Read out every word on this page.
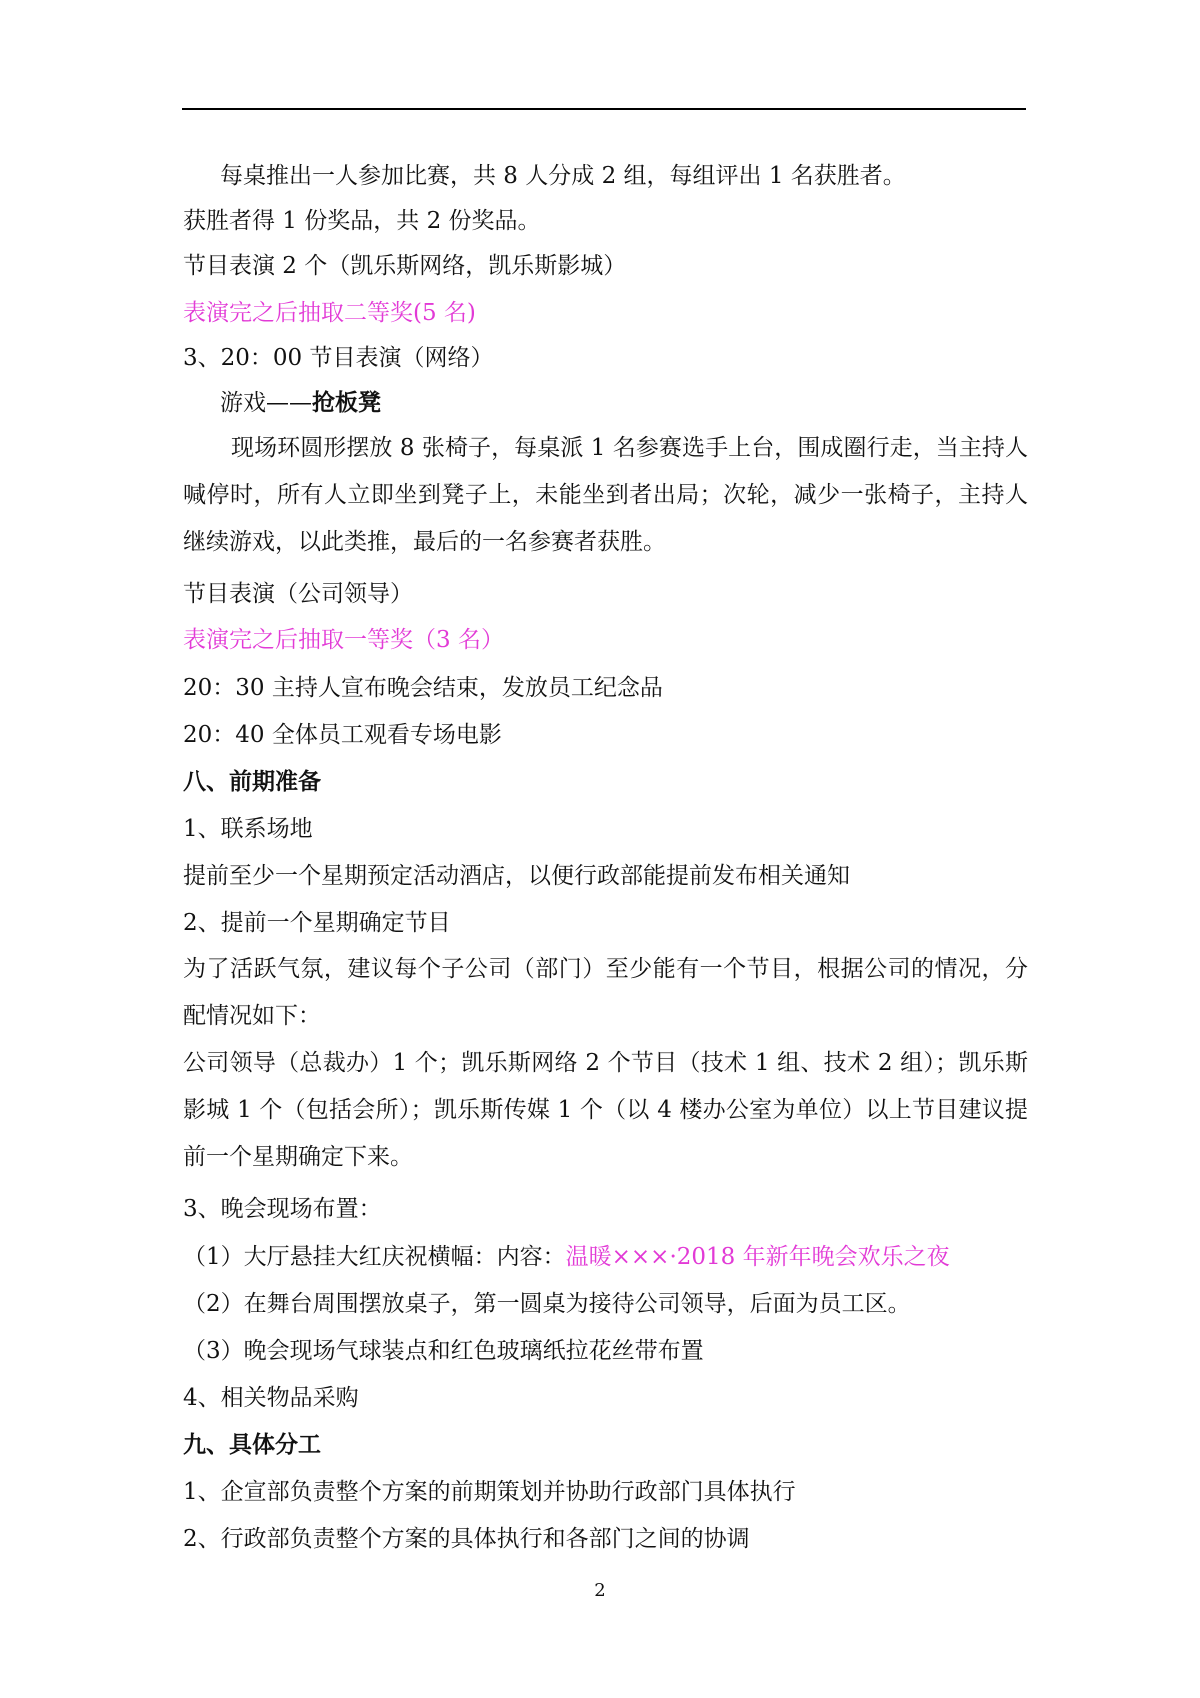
每桌推出一人参加比赛，共 8 人分成 2 组，每组评出 1 名获胜者。
获胜者得 1 份奖品，共 2 份奖品。
节目表演 2 个（凯乐斯网络，凯乐斯影城）
表演完之后抽取二等奖(5 名)
3、20：00 节目表演（网络）
游戏——抢板凳
现场环圆形摆放 8 张椅子，每桌派 1 名参赛选手上台，围成圈行走，当主持人喊停时，所有人立即坐到凳子上，未能坐到者出局；次轮，减少一张椅子，主持人继续游戏，以此类推，最后的一名参赛者获胜。
节目表演（公司领导）
表演完之后抽取一等奖（3 名）
20：30 主持人宣布晚会结束，发放员工纪念品
20：40 全体员工观看专场电影
八、前期准备
1、联系场地
提前至少一个星期预定活动酒店，以便行政部能提前发布相关通知
2、提前一个星期确定节目
为了活跃气氛，建议每个子公司（部门）至少能有一个节目，根据公司的情况，分配情况如下：
公司领导（总裁办）1 个；凯乐斯网络 2 个节目（技术 1 组、技术 2 组）；凯乐斯影城 1 个（包括会所）；凯乐斯传媒 1 个（以 4 楼办公室为单位）以上节目建议提前一个星期确定下来。
3、晚会现场布置：
（1）大厅悬挂大红庆祝横幅：内容：温暖×××·2018 年新年晚会欢乐之夜
（2）在舞台周围摆放桌子，第一圆桌为接待公司领导，后面为员工区。
（3）晚会现场气球装点和红色玻璃纸拉花丝带布置
4、相关物品采购
九、具体分工
1、企宣部负责整个方案的前期策划并协助行政部门具体执行
2、行政部负责整个方案的具体执行和各部门之间的协调
2
